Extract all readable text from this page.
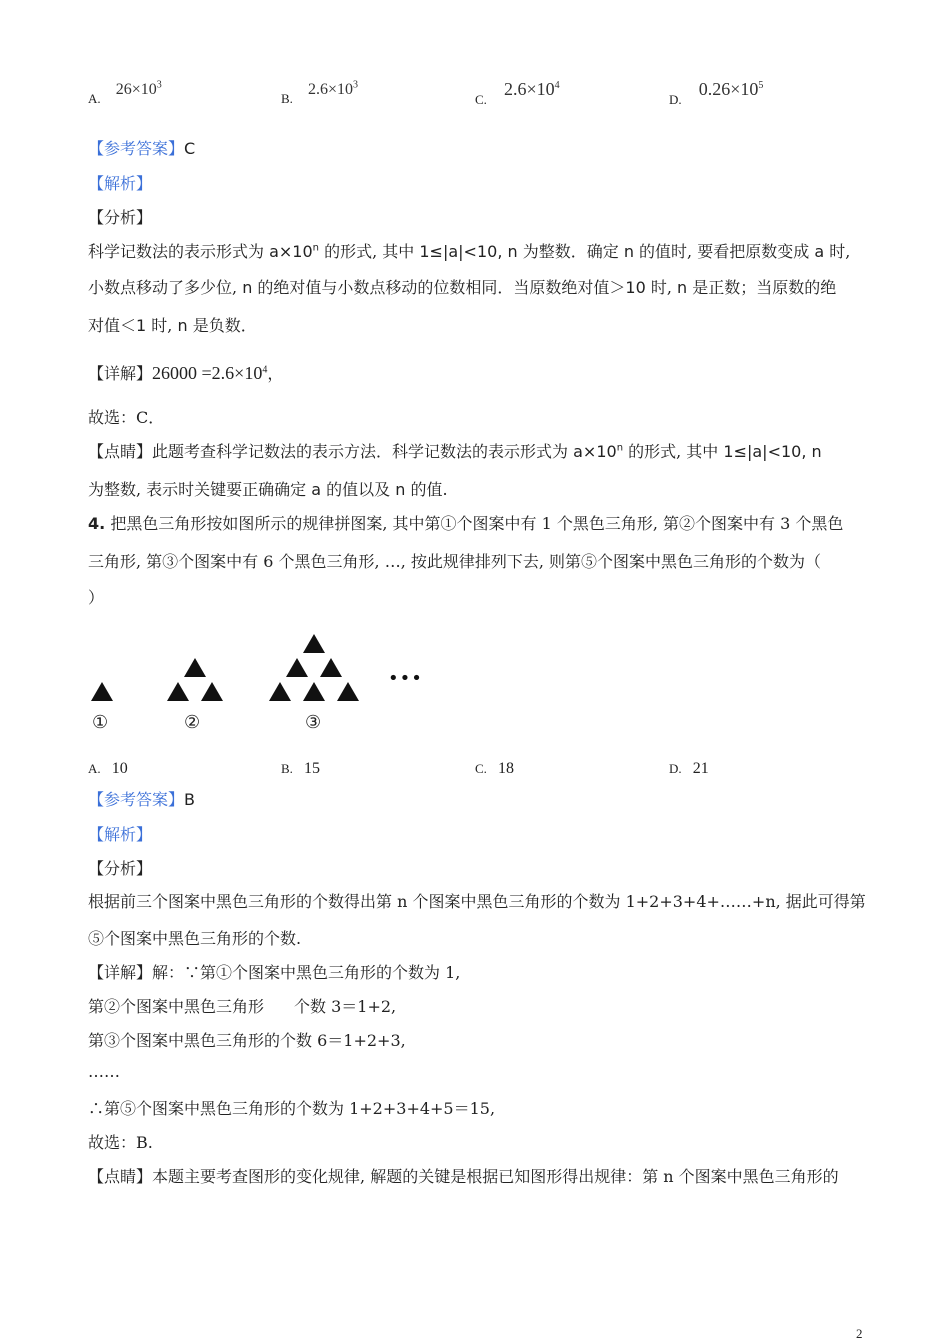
A. $26\times 10^3$
B. $2.6\times 10^3$
C. $2.6\times 10^4$
D. $0.26\times 10^5$
【参考答案】C
【解析】
【分析】
科学记数法的表示形式为 $a\times 10^n$ 的形式, 其中 1≤|a|<10, n 为整数．确定 n 的值时, 要看把原数变成 a 时,
小数点移动了多少位, n 的绝对值与小数点移动的位数相同．当原数绝对值＞10 时, n 是正数；当原数的绝
对值＜1 时, n 是负数．
【详解】$26000 =2.6\times 10^4$，
故选：C．
【点睛】此题考查科学记数法的表示方法．科学记数法的表示形式为 $a\times 10^n$ 的形式, 其中 1≤|a|<10, n
为整数, 表示时关键要正确确定 a 的值以及 n 的值.
4. 把黑色三角形按如图所示的规律拼图案, 其中第①个图案中有 1 个黑色三角形, 第②个图案中有 3 个黑色
三角形, 第③个图案中有 6 个黑色三角形, …, 按此规律排列下去, 则第⑤个图案中黑色三角形的个数为（
）
•••
①	②	③
A. 10	B. 15	C. 18	D. 21
【参考答案】B
【解析】
【分析】
根据前三个图案中黑色三角形的个数得出第 n 个图案中黑色三角形的个数为 1+2+3+4+……+n, 据此可得第
⑤个图案中黑色三角形的个数.
【详解】解：∵第①个图案中黑色三角形的个数为 1,
第②个图案中黑色三角形 个数 3＝1+2,
第③个图案中黑色三角形的个数 6＝1+2+3,
……
∴第⑤个图案中黑色三角形的个数为 1+2+3+4+5＝15,
故选：B.
【点睛】本题主要考查图形的变化规律, 解题的关键是根据已知图形得出规律：第 n 个图案中黑色三角形的
2
